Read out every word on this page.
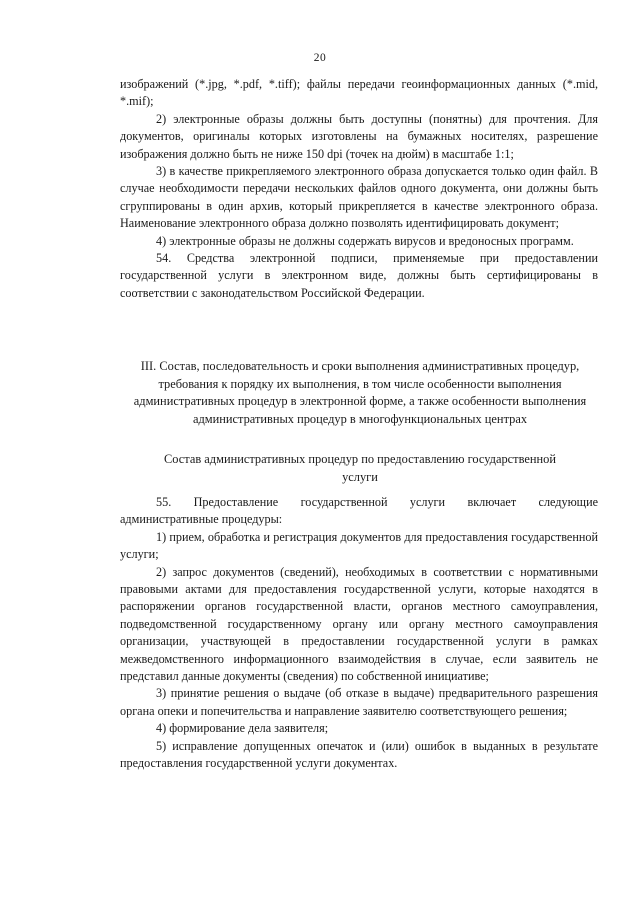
20

изображений (*.jpg, *.pdf, *.tiff); файлы передачи геоинформационных данных (*.mid, *.mif);

2) электронные образы должны быть доступны (понятны) для прочтения. Для документов, оригиналы которых изготовлены на бумажных носителях, разрешение изображения должно быть не ниже 150 dpi (точек на дюйм) в масштабе 1:1;

3) в качестве прикрепляемого электронного образа допускается только один файл. В случае необходимости передачи нескольких файлов одного документа, они должны быть сгруппированы в один архив, который прикрепляется в качестве электронного образа. Наименование электронного образа должно позволять идентифицировать документ;

4) электронные образы не должны содержать вирусов и вредоносных программ.

54. Средства электронной подписи, применяемые при предоставлении государственной услуги в электронном виде, должны быть сертифицированы в соответствии с законодательством Российской Федерации.

III. Состав, последовательность и сроки выполнения административных процедур, требования к порядку их выполнения, в том числе особенности выполнения административных процедур в электронной форме, а также особенности выполнения административных процедур в многофункциональных центрах
Состав административных процедур по предоставлению государственной услуги

55. Предоставление государственной услуги включает следующие административные процедуры:

1) прием, обработка и регистрация документов для предоставления государственной услуги;

2) запрос документов (сведений), необходимых в соответствии с нормативными правовыми актами для предоставления государственной услуги, которые находятся в распоряжении органов государственной власти, органов местного самоуправления, подведомственной государственному органу или органу местного самоуправления организации, участвующей в предоставлении государственной услуги в рамках межведомственного информационного взаимодействия в случае, если заявитель не представил данные документы (сведения) по собственной инициативе;

3) принятие решения о выдаче (об отказе в выдаче) предварительного разрешения органа опеки и попечительства и направление заявителю соответствующего решения;

4) формирование дела заявителя;

5) исправление допущенных опечаток и (или) ошибок в выданных в результате предоставления государственной услуги документах.
